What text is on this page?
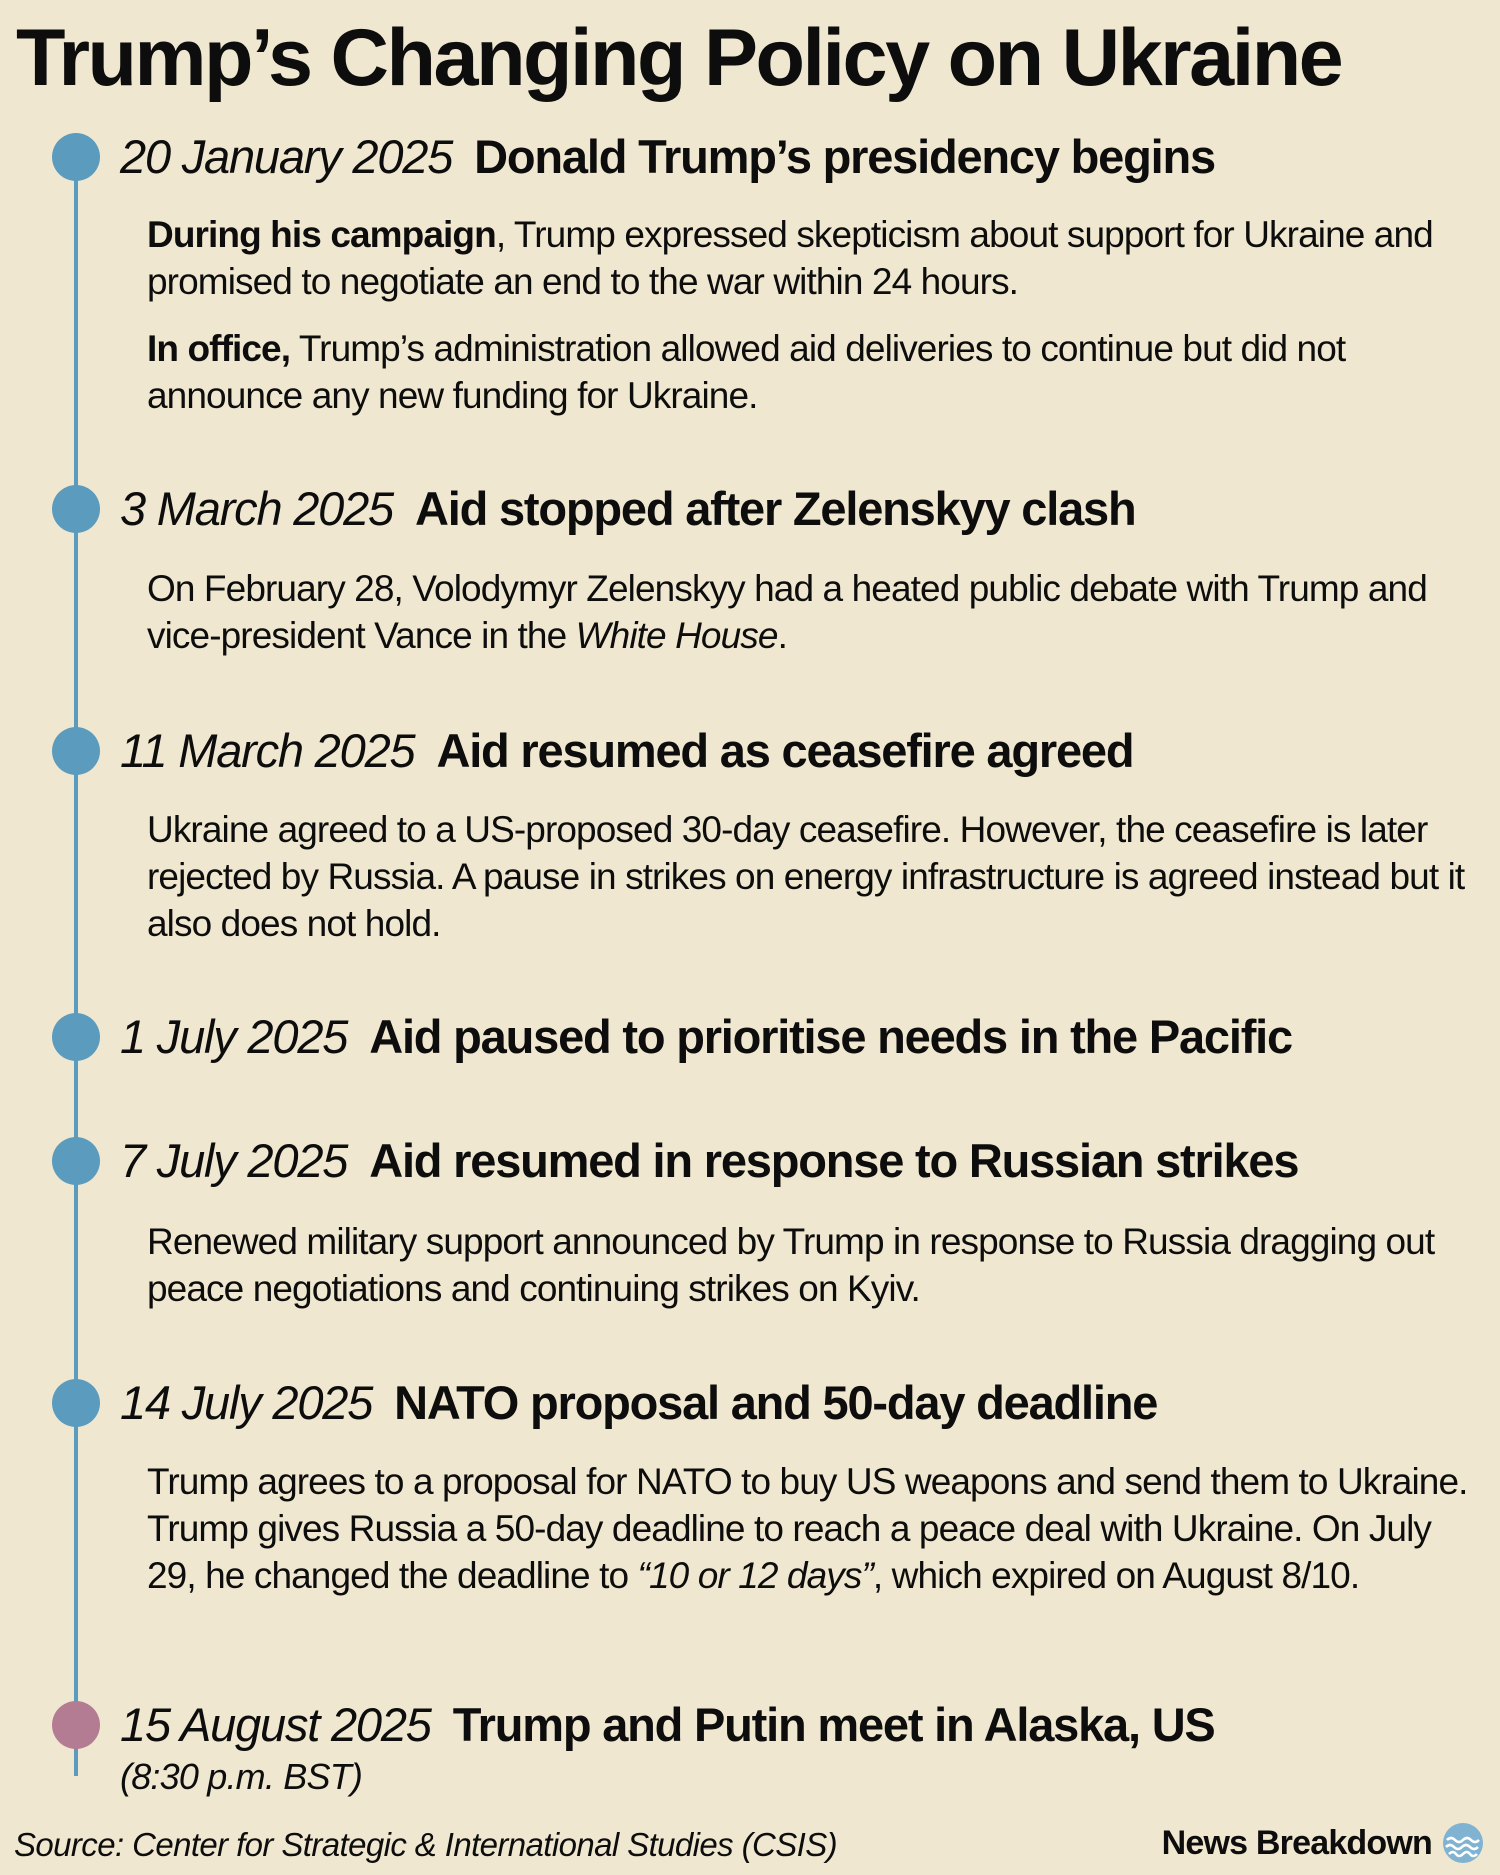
Trump’s Changing Policy on Ukraine
20 January 2025 Donald Trump’s presidency begins
During his campaign, Trump expressed skepticism about support for Ukraine and promised to negotiate an end to the war within 24 hours.
In office, Trump’s administration allowed aid deliveries to continue but did not announce any new funding for Ukraine.
3 March 2025 Aid stopped after Zelenskyy clash
On February 28, Volodymyr Zelenskyy had a heated public debate with Trump and vice-president Vance in the White House.
11 March 2025 Aid resumed as ceasefire agreed
Ukraine agreed to a US-proposed 30-day ceasefire. However, the ceasefire is later rejected by Russia. A pause in strikes on energy infrastructure is agreed instead but it also does not hold.
1 July 2025 Aid paused to prioritise needs in the Pacific
7 July 2025 Aid resumed in response to Russian strikes
Renewed military support announced by Trump in response to Russia dragging out peace negotiations and continuing strikes on Kyiv.
14 July 2025 NATO proposal and 50-day deadline
Trump agrees to a proposal for NATO to buy US weapons and send them to Ukraine. Trump gives Russia a 50-day deadline to reach a peace deal with Ukraine. On July 29, he changed the deadline to “10 or 12 days”, which expired on August 8/10.
15 August 2025 Trump and Putin meet in Alaska, US
(8:30 p.m. BST)
Source: Center for Strategic & International Studies (CSIS)	News Breakdown
